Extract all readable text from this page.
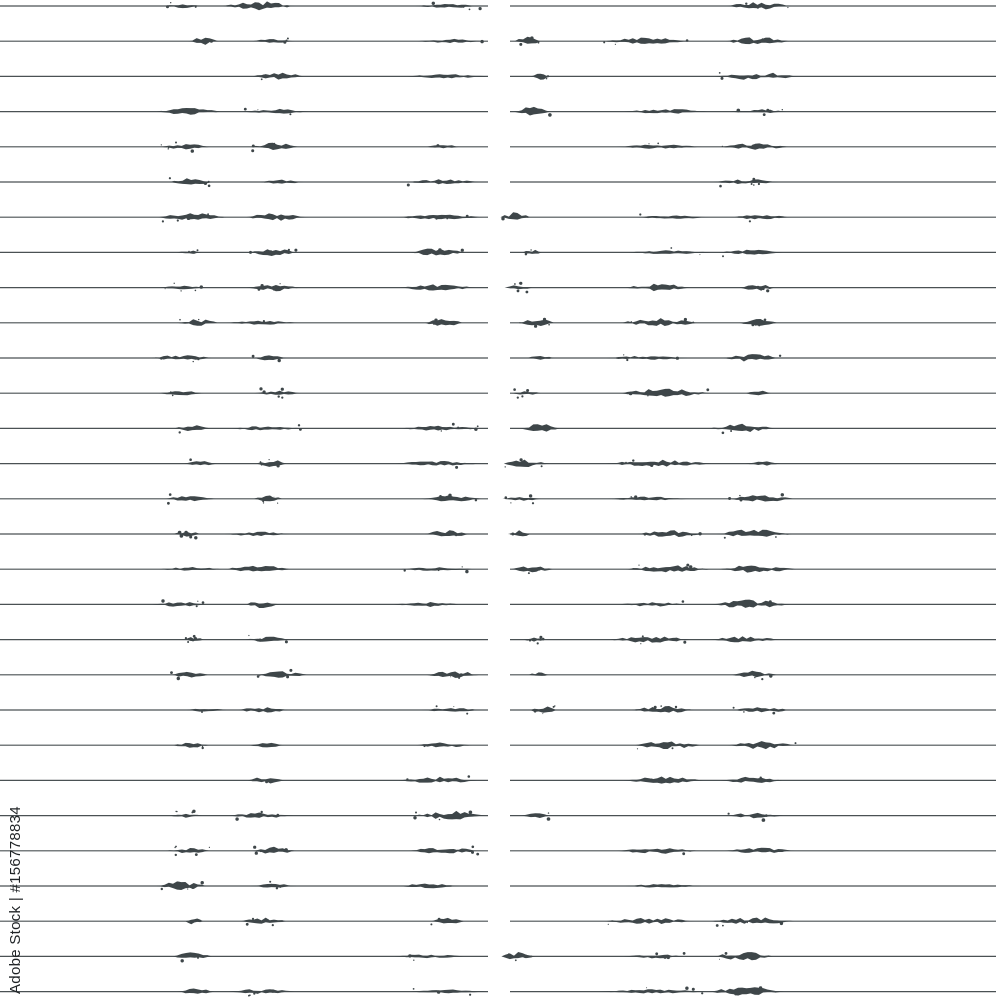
Adobe Stock | #156778834
